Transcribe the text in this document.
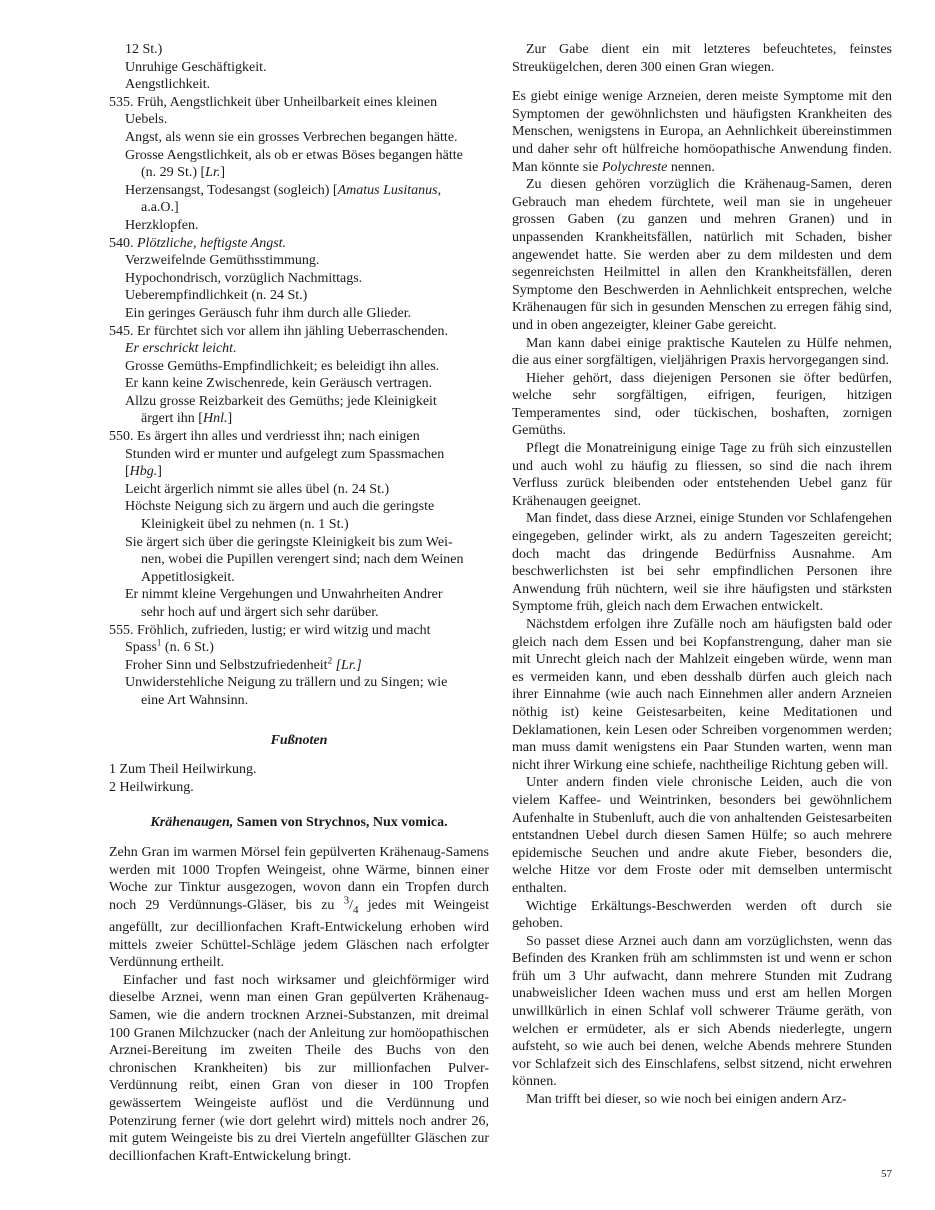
12 St.)
Unruhige Geschäftigkeit.
Aengstlichkeit.
535. Früh, Aengstlichkeit über Unheilbarkeit eines kleinen
Uebels.
Angst, als wenn sie ein grosses Verbrechen begangen hätte.
Grosse Aengstlichkeit, als ob er etwas Böses begangen hätte
(n. 29 St.) [Lr.]
Herzensangst, Todesangst (sogleich) [Amatus Lusitanus,
a.a.O.]
Herzklopfen.
540. Plötzliche, heftigste Angst.
Verzweifelnde Gemüthsstimmung.
Hypochondrisch, vorzüglich Nachmittags.
Ueberempfindlichkeit (n. 24 St.)
Ein geringes Geräusch fuhr ihm durch alle Glieder.
545. Er fürchtet sich vor allem ihn jähling Ueberraschenden.
Er erschrickt leicht.
Grosse Gemüths-Empfindlichkeit; es beleidigt ihn alles.
Er kann keine Zwischenrede, kein Geräusch vertragen.
Allzu grosse Reizbarkeit des Gemüths; jede Kleinigkeit
ärgert ihn [Hnl.]
550. Es ärgert ihn alles und verdriesst ihn; nach einigen
Stunden wird er munter und aufgelegt zum Spassmachen
[Hbg.]
Leicht ärgerlich nimmt sie alles übel (n. 24 St.)
Höchste Neigung sich zu ärgern und auch die geringste
Kleinigkeit übel zu nehmen (n. 1 St.)
Sie ärgert sich über die geringste Kleinigkeit bis zum Wei-
nen, wobei die Pupillen verengert sind; nach dem Weinen
Appetitlosigkeit.
Er nimmt kleine Vergehungen und Unwahrheiten Andrer
sehr hoch auf und ärgert sich sehr darüber.
555. Fröhlich, zufrieden, lustig; er wird witzig und macht
Spass$^1$ (n. 6 St.)
Froher Sinn und Selbstzufriedenheit$^2$ [Lr.]
Unwiderstehliche Neigung zu trällern und zu Singen; wie
eine Art Wahnsinn.
Fußnoten
1 Zum Theil Heilwirkung.
2 Heilwirkung.
Krähenaugen, Samen von Strychnos, Nux vomica.

Zehn Gran im warmen Mörsel fein gepülverten Krähenaug-Samens werden mit 1000 Tropfen Weingeist, ohne Wärme, binnen einer Woche zur Tinktur ausgezogen, wovon dann ein Tropfen durch noch 29 Verdünnungs-Gläser, bis zu $^3/_4$ jedes mit Weingeist angefüllt, zur decillionfachen Kraft-Entwickelung erhoben wird mittels zweier Schüttel-Schläge jedem Gläschen nach erfolgter Verdünnung ertheilt.

Einfacher und fast noch wirksamer und gleichförmiger wird dieselbe Arznei, wenn man einen Gran gepülverten Krähenaug-Samen, wie die andern trocknen Arznei-Substanzen, mit dreimal 100 Granen Milchzucker (nach der Anleitung zur homöopathischen Arznei-Bereitung im zweiten Theile des Buchs von den chronischen Krankheiten) bis zur millionfachen Pulver-Verdünnung reibt, einen Gran von dieser in 100 Tropfen gewässertem Weingeiste auflöst und die Verdünnung und Potenzirung ferner (wie dort gelehrt wird) mittels noch andrer 26, mit gutem Weingeiste bis zu drei Vierteln angefüllter Gläschen zur decillionfachen Kraft-Entwickelung bringt.

Zur Gabe dient ein mit letzteres befeuchtetes, feinstes Streukügelchen, deren 300 einen Gran wiegen.

Es giebt einige wenige Arzneien, deren meiste Symptome mit den Symptomen der gewöhnlichsten und häufigsten Krankheiten des Menschen, wenigstens in Europa, an Aehnlichkeit übereinstimmen und daher sehr oft hülfreiche homöopathische Anwendung finden. Man könnte sie Polychreste nennen.

Zu diesen gehören vorzüglich die Krähenaug-Samen, deren Gebrauch man ehedem fürchtete, weil man sie in ungeheuer grossen Gaben (zu ganzen und mehren Granen) und in unpassenden Krankheitsfällen, natürlich mit Schaden, bisher angewendet hatte. Sie werden aber zu dem mildesten und dem segenreichsten Heilmittel in allen den Krankheitsfällen, deren Symptome den Beschwerden in Aehnlichkeit entsprechen, welche Krähenaugen für sich in gesunden Menschen zu erregen fähig sind, und in oben angezeigter, kleiner Gabe gereicht.

Man kann dabei einige praktische Kautelen zu Hülfe nehmen, die aus einer sorgfältigen, vieljährigen Praxis hervorgegangen sind.

Hieher gehört, dass diejenigen Personen sie öfter bedürfen, welche sehr sorgfältigen, eifrigen, feurigen, hitzigen Temperamentes sind, oder tückischen, boshaften, zornigen Gemüths.

Pflegt die Monatreinigung einige Tage zu früh sich einzustellen und auch wohl zu häufig zu fliessen, so sind die nach ihrem Verfluss zurück bleibenden oder entstehenden Uebel ganz für Krähenaugen geeignet.

Man findet, dass diese Arznei, einige Stunden vor Schlafengehen eingegeben, gelinder wirkt, als zu andern Tageszeiten gereicht; doch macht das dringende Bedürfniss Ausnahme. Am beschwerlichsten ist bei sehr empfindlichen Personen ihre Anwendung früh nüchtern, weil sie ihre häufigsten und stärksten Symptome früh, gleich nach dem Erwachen entwickelt.

Nächstdem erfolgen ihre Zufälle noch am häufigsten bald oder gleich nach dem Essen und bei Kopfanstrengung, daher man sie mit Unrecht gleich nach der Mahlzeit eingeben würde, wenn man es vermeiden kann, und eben desshalb dürfen auch gleich nach ihrer Einnahme (wie auch nach Einnehmen aller andern Arzneien nöthig ist) keine Geistesarbeiten, keine Meditationen und Deklamationen, kein Lesen oder Schreiben vorgenommen werden; man muss damit wenigstens ein Paar Stunden warten, wenn man nicht ihrer Wirkung eine schiefe, nachtheilige Richtung geben will.

Unter andern finden viele chronische Leiden, auch die von vielem Kaffee- und Weintrinken, besonders bei gewöhnlichem Aufenhalte in Stubenluft, auch die von anhaltenden Geistesarbeiten entstandnen Uebel durch diesen Samen Hülfe; so auch mehrere epidemische Seuchen und andre akute Fieber, besonders die, welche Hitze vor dem Froste oder mit demselben untermischt enthalten.

Wichtige Erkältungs-Beschwerden werden oft durch sie gehoben.

So passet diese Arznei auch dann am vorzüglichsten, wenn das Befinden des Kranken früh am schlimmsten ist und wenn er schon früh um 3 Uhr aufwacht, dann mehrere Stunden mit Zudrang unabweislicher Ideen wachen muss und erst am hellen Morgen unwillkürlich in einen Schlaf voll schwerer Träume geräth, von welchen er ermüdeter, als er sich Abends niederlegte, ungern aufsteht, so wie auch bei denen, welche Abends mehrere Stunden vor Schlafzeit sich des Einschlafens, selbst sitzend, nicht erwehren können.

Man trifft bei dieser, so wie noch bei einigen andern Arz-

57
